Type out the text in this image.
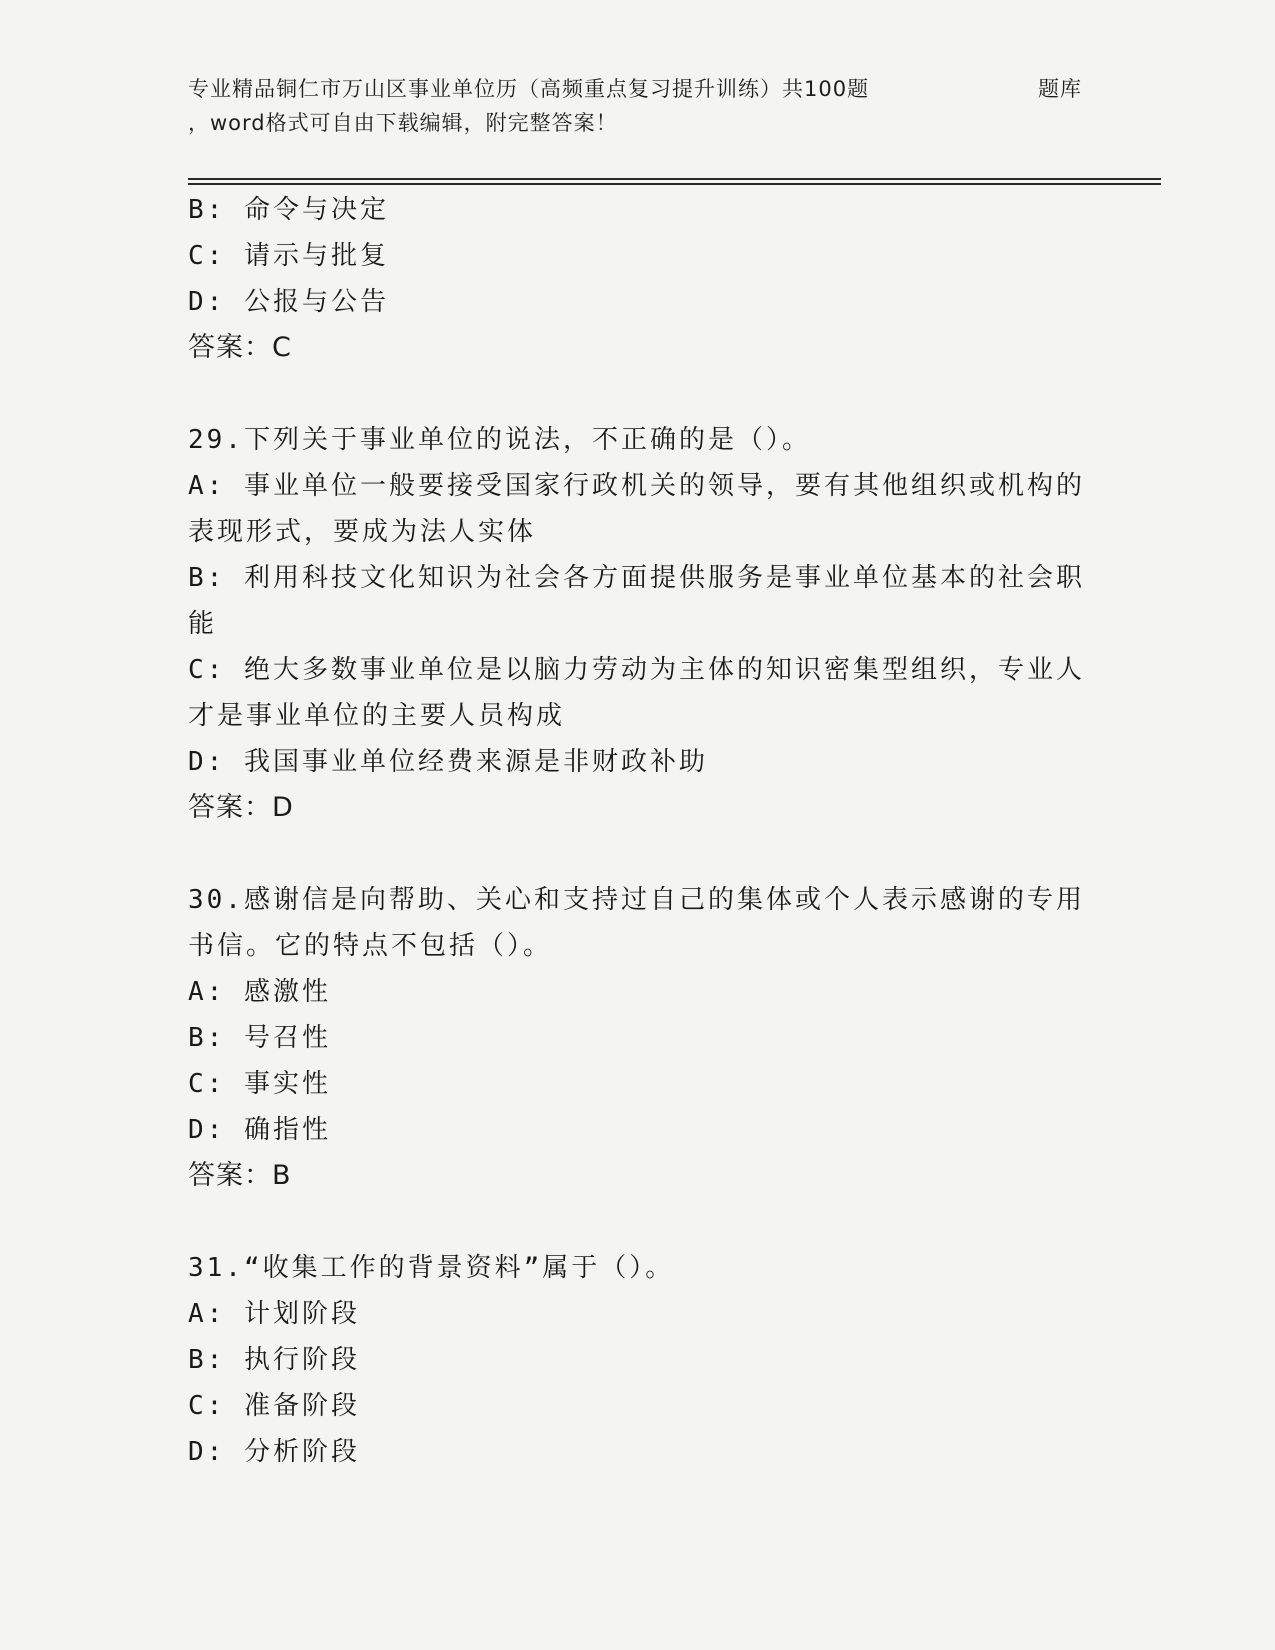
专业精品铜仁市万山区事业单位历（高频重点复习提升训练）共100题	题库
，word格式可自由下载编辑，附完整答案！
B: 命令与决定
C: 请示与批复
D: 公报与公告
答案：C
29.下列关于事业单位的说法，不正确的是（）。
A: 事业单位一般要接受国家行政机关的领导，要有其他组织或机构的
表现形式，要成为法人实体
B: 利用科技文化知识为社会各方面提供服务是事业单位基本的社会职
能
C: 绝大多数事业单位是以脑力劳动为主体的知识密集型组织，专业人
才是事业单位的主要人员构成
D: 我国事业单位经费来源是非财政补助
答案：D
30.感谢信是向帮助、关心和支持过自己的集体或个人表示感谢的专用
书信。它的特点不包括（）。
A: 感激性
B: 号召性
C: 事实性
D: 确指性
答案：B
31.“收集工作的背景资料”属于（）。
A: 计划阶段
B: 执行阶段
C: 准备阶段
D: 分析阶段
